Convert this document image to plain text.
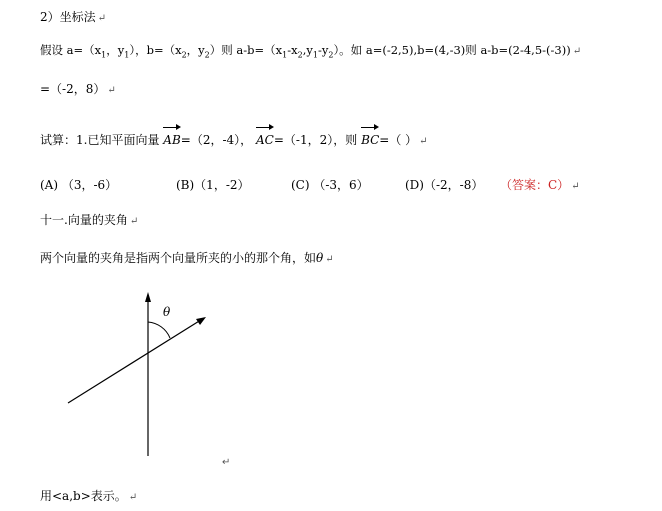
2）坐标法 ↵
假设 $a=(x_1$，$y_1$），$b=(x_2$，$y_2$）则 $a-b=(x_1-x_2,y_1-y_2)$。如 a=(-2,5),b=(4,-3)则 a-b=(2-4,5-(-3)) ↵
=（-2，8） ↵
试算：1.已知平面向量 AB=（2，-4）， AC=（-1，2），则 BC=（ ） ↵
(A) （3，-6）	(B)（1，-2）	(C) （-3，6）	(D)（-2，-8） （答案：C） ↵
十一.向量的夹角 ↵
两个向量的夹角是指两个向量所夹的小的那个角，如θ ↵
↵
θ
用<a,b>表示。 ↵
